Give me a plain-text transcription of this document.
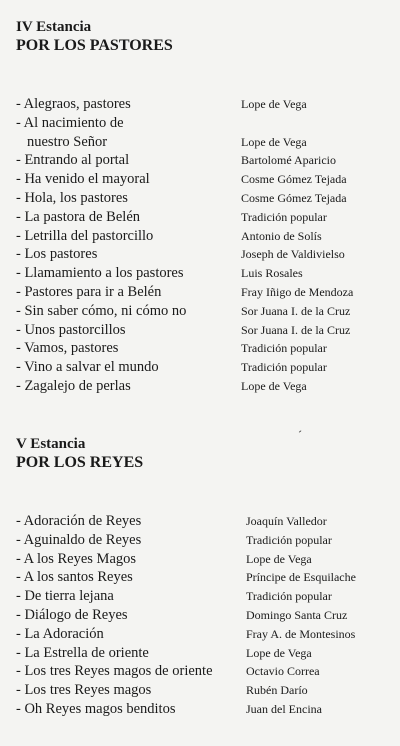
IV Estancia
POR LOS PASTORES
- Alegraos, pastores	Lope de Vega
- Al nacimiento de
nuestro Señor	Lope de Vega
- Entrando al portal	Bartolomé Aparicio
- Ha venido el mayoral	Cosme Gómez Tejada
- Hola, los pastores	Cosme Gómez Tejada
- La pastora de Belén	Tradición popular
- Letrilla del pastorcillo	Antonio de Solís
- Los pastores	Joseph de Valdivielso
- Llamamiento a los pastores	Luis Rosales
- Pastores para ir a Belén	Fray Iñigo de Mendoza
- Sin saber cómo, ni cómo no	Sor Juana I. de la Cruz
- Unos pastorcillos	Sor Juana I. de la Cruz
- Vamos, pastores	Tradición popular
- Vino a salvar el mundo	Tradición popular
- Zagalejo de perlas	Lope de Vega
V Estancia
POR LOS REYES
- Adoración de Reyes	Joaquín Valledor
- Aguinaldo de Reyes	Tradición popular
- A los Reyes Magos	Lope de Vega
- A los santos Reyes	Príncipe de Esquilache
- De tierra lejana	Tradición popular
- Diálogo de Reyes	Domingo Santa Cruz
- La Adoración	Fray A. de Montesinos
- La Estrella de oriente	Lope de Vega
- Los tres Reyes magos de oriente	Octavio Correa
- Los tres Reyes magos	Rubén Darío
- Oh Reyes magos benditos	Juan del Encina
ˊ
